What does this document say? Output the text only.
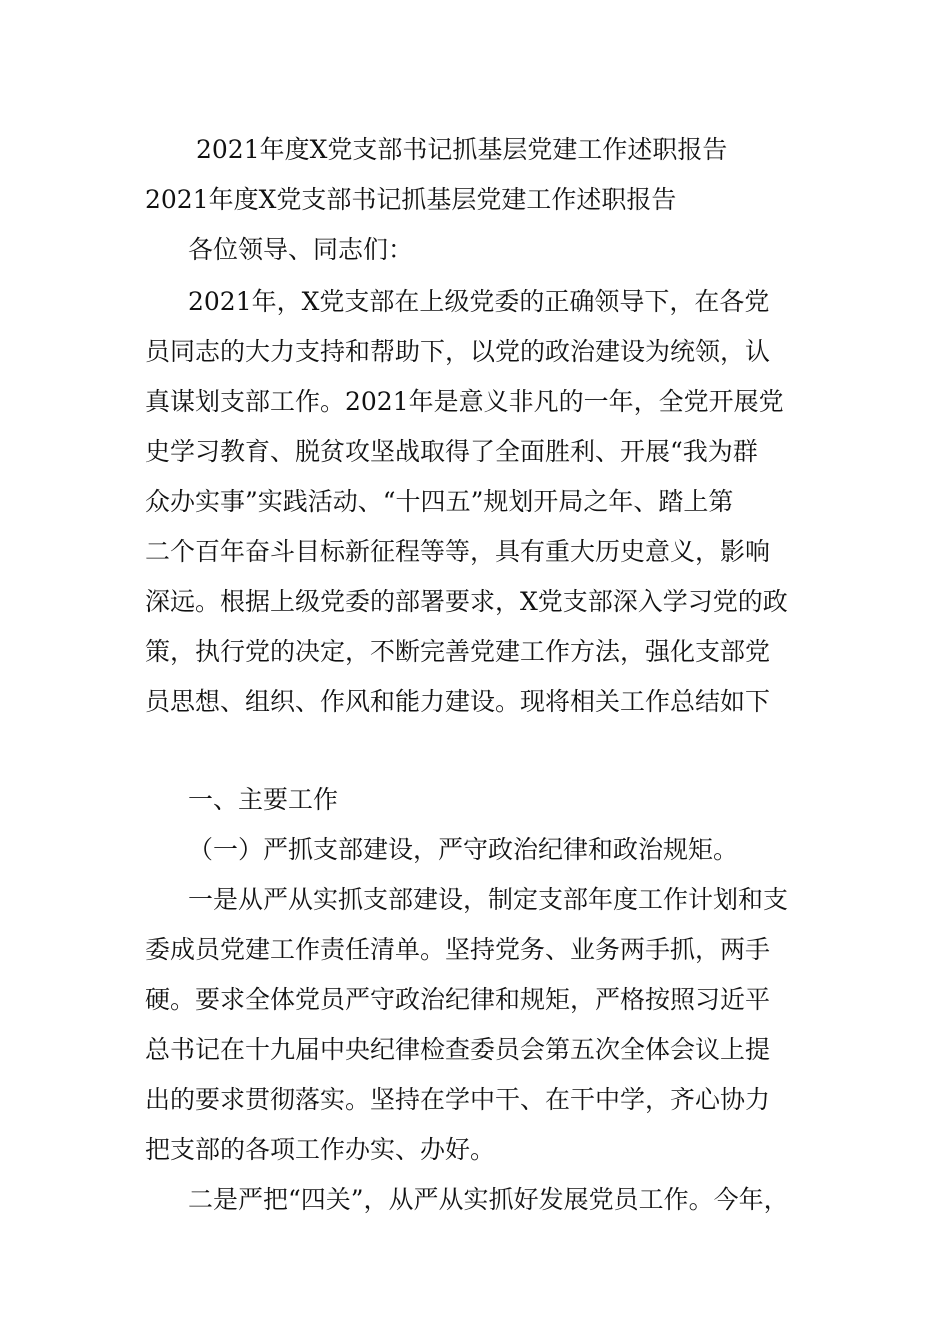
2021年度X党支部书记抓基层党建工作述职报告

2021年度X党支部书记抓基层党建工作述职报告

各位领导、同志们：

2021年，X党支部在上级党委的正确领导下，在各党

员同志的大力支持和帮助下，以党的政治建设为统领，认

真谋划支部工作。2021年是意义非凡的一年，全党开展党

史学习教育、脱贫攻坚战取得了全面胜利、开展“我为群

众办实事”实践活动、“十四五”规划开局之年、踏上第

二个百年奋斗目标新征程等等，具有重大历史意义，影响

深远。根据上级党委的部署要求，X党支部深入学习党的政

策，执行党的决定，不断完善党建工作方法，强化支部党

员思想、组织、作风和能力建设。现将相关工作总结如下

一、主要工作

（一）严抓支部建设，严守政治纪律和政治规矩。

一是从严从实抓支部建设，制定支部年度工作计划和支

委成员党建工作责任清单。坚持党务、业务两手抓，两手

硬。要求全体党员严守政治纪律和规矩，严格按照习近平

总书记在十九届中央纪律检查委员会第五次全体会议上提

出的要求贯彻落实。坚持在学中干、在干中学，齐心协力

把支部的各项工作办实、办好。

二是严把“四关”，从严从实抓好发展党员工作。今年，
